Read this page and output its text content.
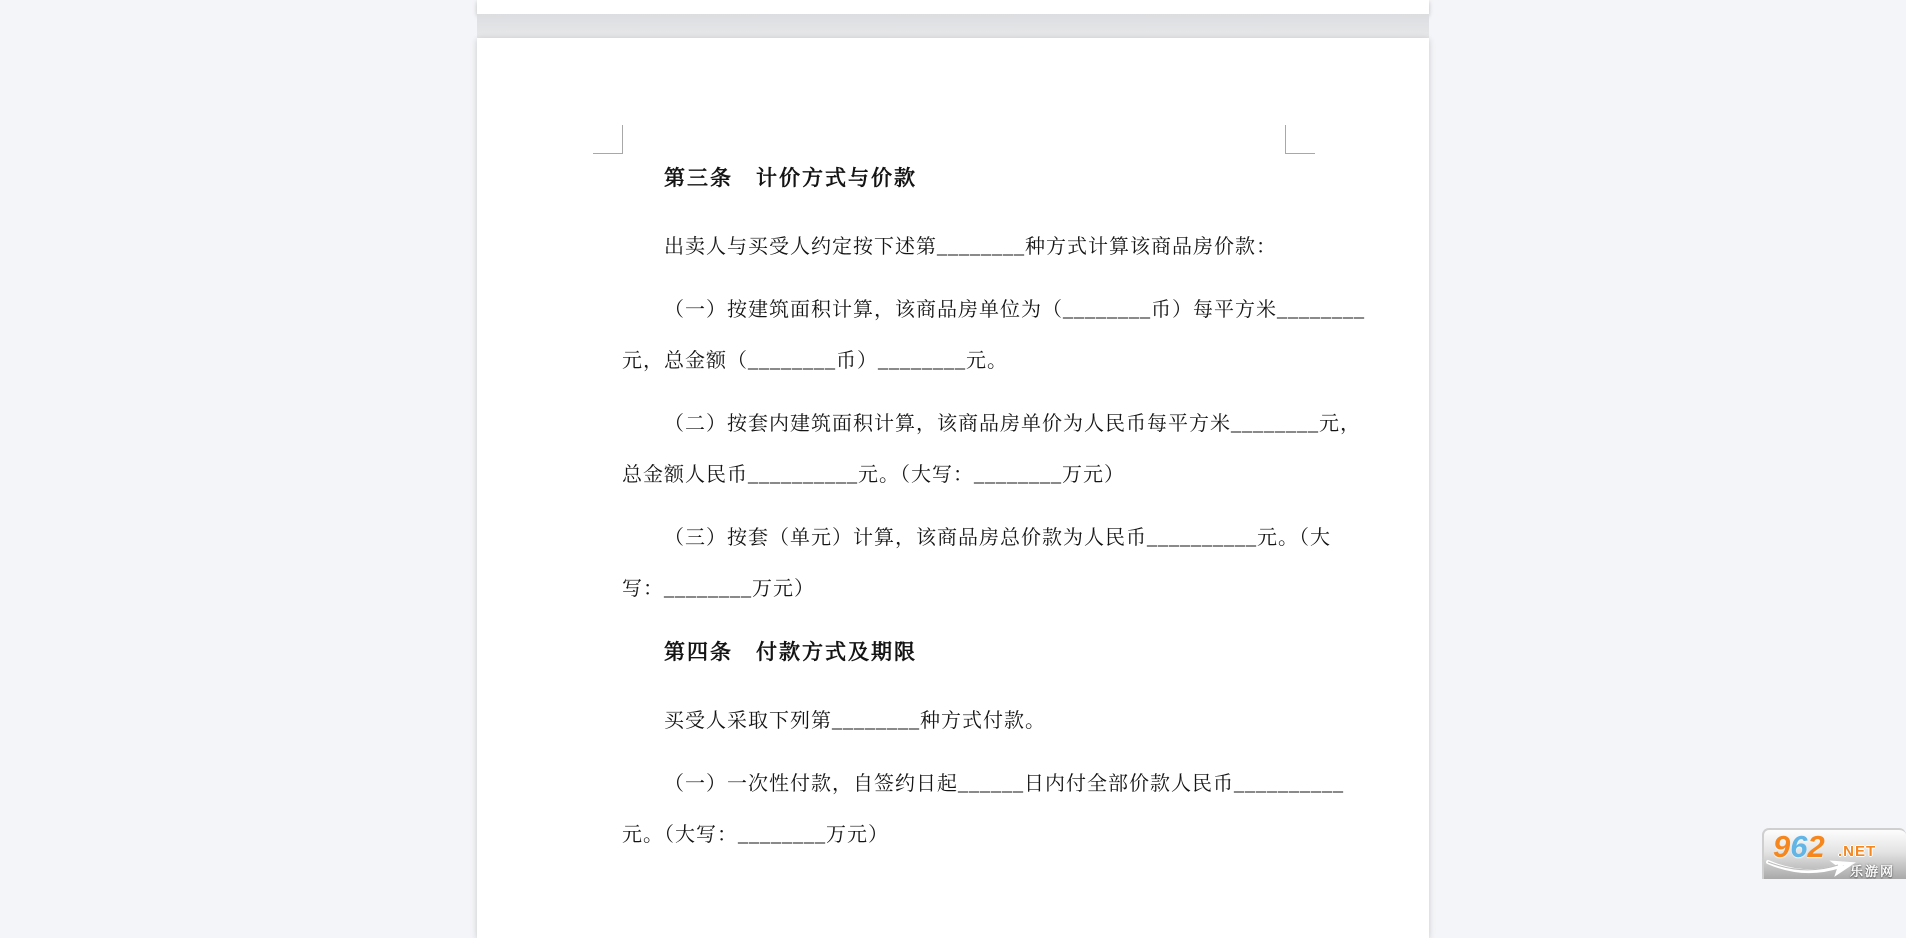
第三条　计价方式与价款
出卖人与买受人约定按下述第________种方式计算该商品房价款：
（一）按建筑面积计算，该商品房单位为（________币）每平方米________
元，总金额（________币）________元。
（二）按套内建筑面积计算，该商品房单价为人民币每平方米________元，
总金额人民币__________元。（大写：________万元）
（三）按套（单元）计算，该商品房总价款为人民币__________元。（大
写：________万元）
第四条　付款方式及期限
买受人采取下列第________种方式付款。
（一）一次性付款，自签约日起______日内付全部价款人民币__________
元。（大写：________万元）	962 .NET
乐游网
